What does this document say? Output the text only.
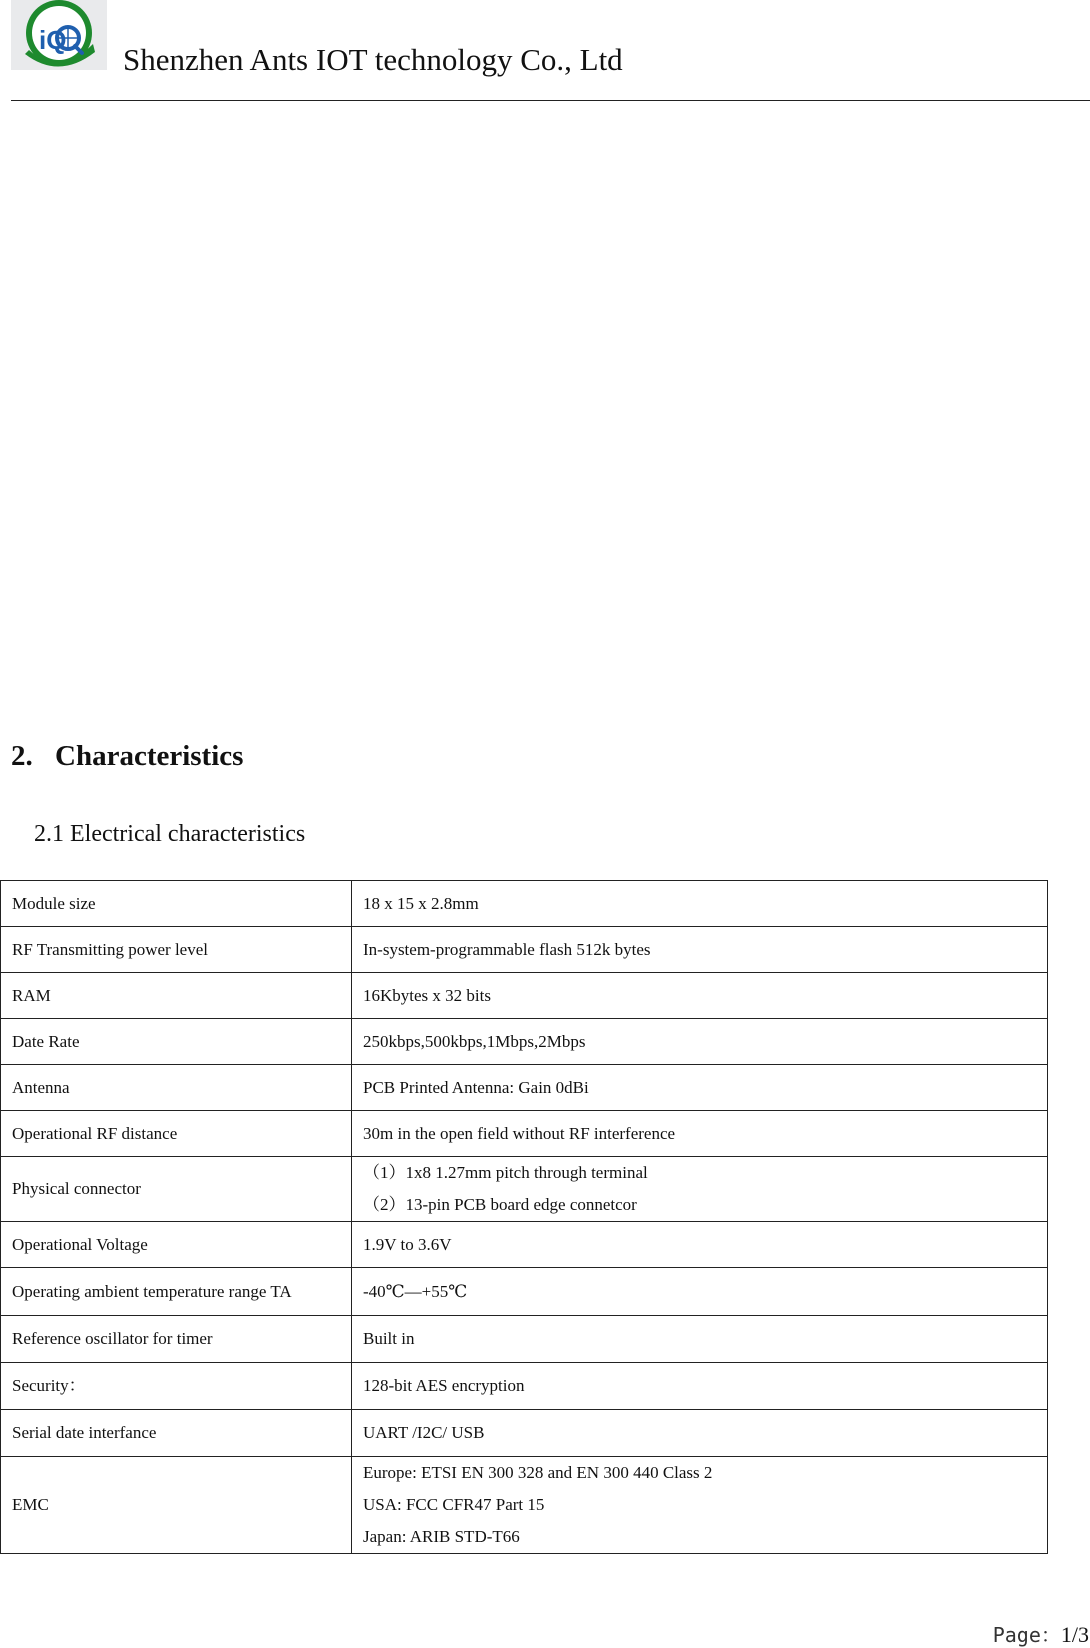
iQ
Shenzhen Ants IOT technology Co., Ltd
2. Characteristics
2.1 Electrical characteristics
Module size	18 x 15 x 2.8mm

RF Transmitting power level	In-system-programmable flash 512k bytes

RAM	16Kbytes x 32 bits

Date Rate	250kbps,500kbps,1Mbps,2Mbps

Antenna	PCB Printed Antenna: Gain 0dBi

Operational RF distance	30m in the open field without RF interference

Physical connector	（1）1x8 1.27mm pitch through terminal
（2）13-pin PCB board edge connetcor

Operational Voltage	1.9V to 3.6V

Operating ambient temperature range TA	-40℃—+55℃

Reference oscillator for timer	Built in

Security：	128-bit AES encryption

Serial date interfance	UART /I2C/ USB

EMC	Europe: ETSI EN 300 328 and EN 300 440 Class 2
USA: FCC CFR47 Part 15
Japan: ARIB STD-T66
Page：1/3
